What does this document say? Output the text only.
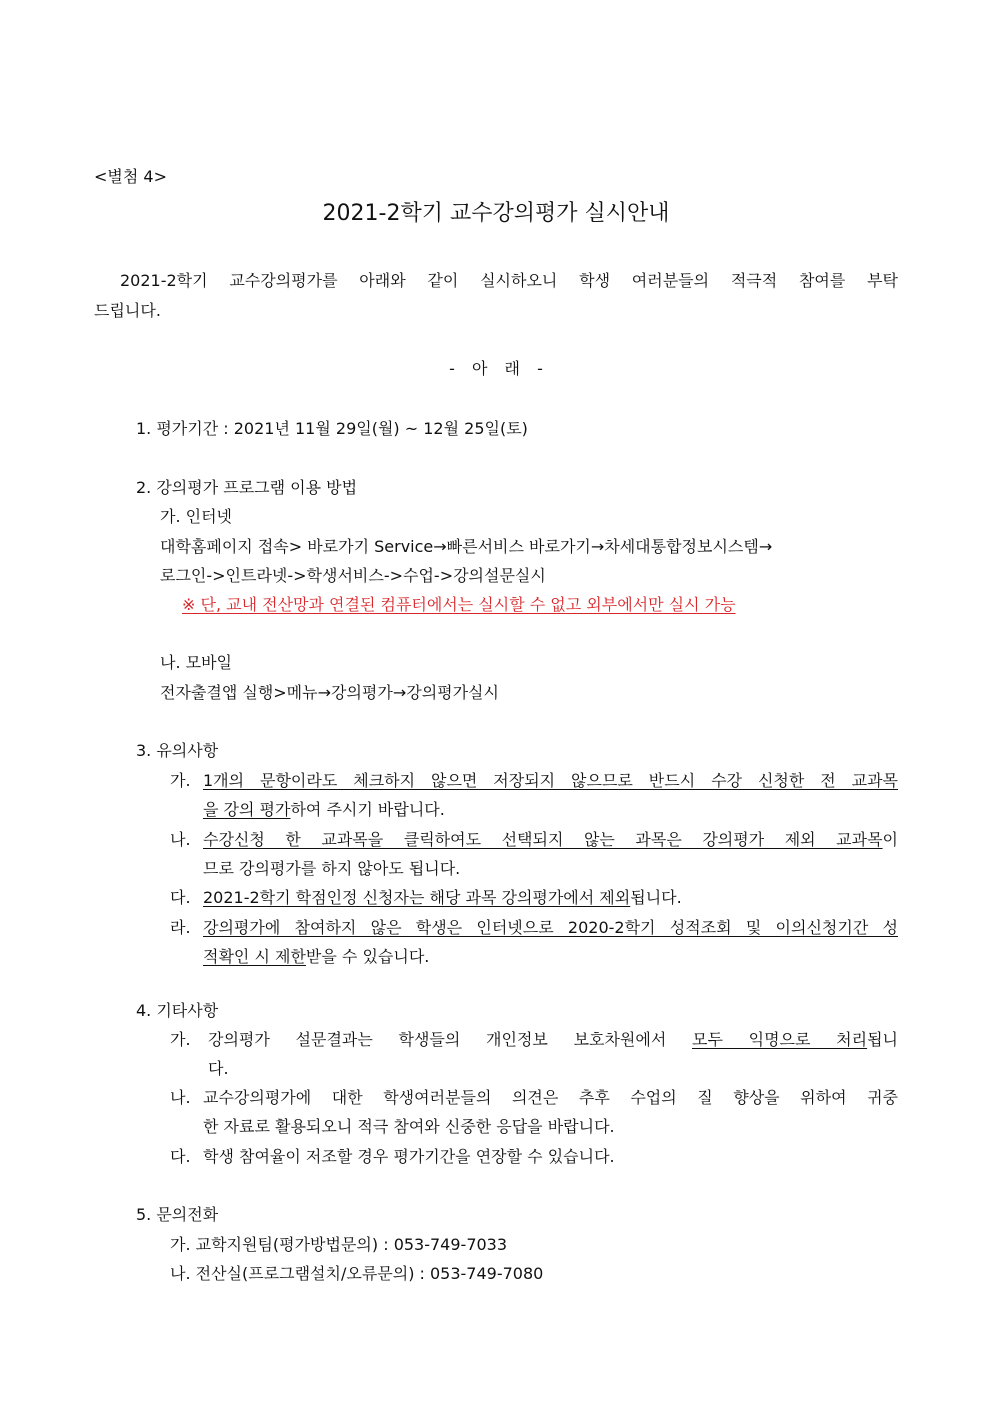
<별첨 4>
2021-2학기 교수강의평가 실시안내
2021-2학기 교수강의평가를 아래와 같이 실시하오니 학생 여러분들의 적극적 참여를 부탁
드립니다.
- 아 래 -
1. 평가기간 : 2021년 11월 29일(월) ~ 12월 25일(토)
2. 강의평가 프로그램 이용 방법
가. 인터넷
대학홈페이지 접속> 바로가기 Service→빠른서비스 바로가기→차세대통합정보시스템→
로그인->인트라넷->학생서비스->수업->강의설문실시
※ 단, 교내 전산망과 연결된 컴퓨터에서는 실시할 수 없고 외부에서만 실시 가능
나. 모바일
전자출결앱 실행>메뉴→강의평가→강의평가실시
3. 유의사항
가. 1개의 문항이라도 체크하지 않으면 저장되지 않으므로 반드시 수강 신청한 전 교과목
을 강의 평가하여 주시기 바랍니다.
나. 수강신청 한 교과목을 클릭하여도 선택되지 않는 과목은 강의평가 제외 교과목이
므로 강의평가를 하지 않아도 됩니다.
다. 2021-2학기 학점인정 신청자는 해당 과목 강의평가에서 제외됩니다.
라. 강의평가에 참여하지 않은 학생은 인터넷으로 2020-2학기 성적조회 및 이의신청기간 성
적확인 시 제한받을 수 있습니다.
4. 기타사항
가. 강의평가 설문결과는 학생들의 개인정보 보호차원에서 모두 익명으로 처리됩니
다.
나. 교수강의평가에 대한 학생여러분들의 의견은 추후 수업의 질 향상을 위하여 귀중
한 자료로 활용되오니 적극 참여와 신중한 응답을 바랍니다.
다. 학생 참여율이 저조할 경우 평가기간을 연장할 수 있습니다.
5. 문의전화
가. 교학지원팀(평가방법문의) : 053-749-7033
나. 전산실(프로그램설치/오류문의) : 053-749-7080
